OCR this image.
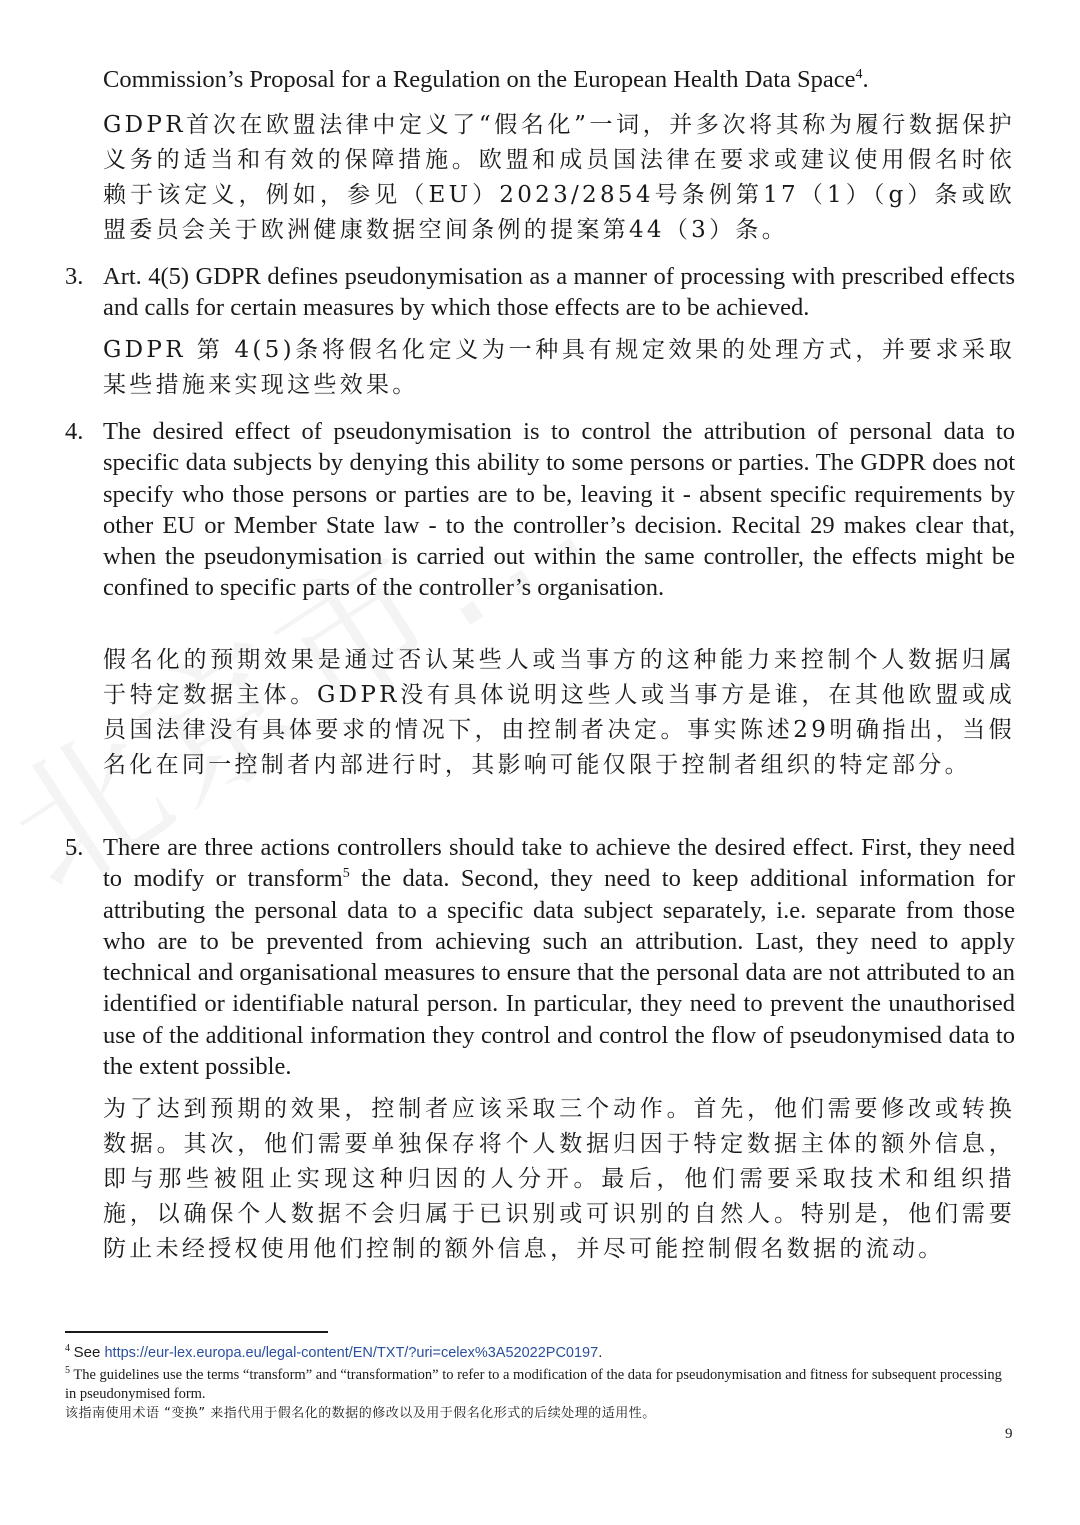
Commission’s Proposal for a Regulation on the European Health Data Space$^4$.

GDPR首次在欧盟法律中定义了“假名化”一词，并多次将其称为履行数据保护义务的适当和有效的保障措施。欧盟和成员国法律在要求或建议使用假名时依赖于该定义，例如，参见（EU）2023/2854号条例第17（1）（g）条或欧盟委员会关于欧洲健康数据空间条例的提案第44（3）条。

3. Art. 4(5) GDPR defines pseudonymisation as a manner of processing with prescribed effects and calls for certain measures by which those effects are to be achieved.

GDPR 第 4(5)条将假名化定义为一种具有规定效果的处理方式，并要求采取某些措施来实现这些效果。

4. The desired effect of pseudonymisation is to control the attribution of personal data to specific data subjects by denying this ability to some persons or parties. The GDPR does not specify who those persons or parties are to be, leaving it - absent specific requirements by other EU or Member State law - to the controller’s decision. Recital 29 makes clear that, when the pseudonymisation is carried out within the same controller, the effects might be confined to specific parts of the controller’s organisation.

假名化的预期效果是通过否认某些人或当事方的这种能力来控制个人数据归属于特定数据主体。GDPR没有具体说明这些人或当事方是谁，在其他欧盟或成员国法律没有具体要求的情况下，由控制者决定。事实陈述29明确指出，当假名化在同一控制者内部进行时，其影响可能仅限于控制者组织的特定部分。

5. There are three actions controllers should take to achieve the desired effect. First, they need to modify or transform$^5$ the data. Second, they need to keep additional information for attributing the personal data to a specific data subject separately, i.e. separate from those who are to be prevented from achieving such an attribution. Last, they need to apply technical and organisational measures to ensure that the personal data are not attributed to an identified or identifiable natural person. In particular, they need to prevent the unauthorised use of the additional information they control and control the flow of pseudonymised data to the extent possible.

为了达到预期的效果，控制者应该采取三个动作。首先，他们需要修改或转换数据。其次，他们需要单独保存将个人数据归因于特定数据主体的额外信息，即与那些被阻止实现这种归因的人分开。最后，他们需要采取技术和组织措施，以确保个人数据不会归属于已识别或可识别的自然人。特别是，他们需要防止未经授权使用他们控制的额外信息，并尽可能控制假名数据的流动。

$^4$ See https://eur-lex.europa.eu/legal-content/EN/TXT/?uri=celex%3A52022PC0197.

$^5$ The guidelines use the terms “transform” and “transformation” to refer to a modification of the data for pseudonymisation and fitness for subsequent processing in pseudonymised form.

该指南使用术语 “变换” 来指代用于假名化的数据的修改以及用于假名化形式的后续处理的适用性。

9
